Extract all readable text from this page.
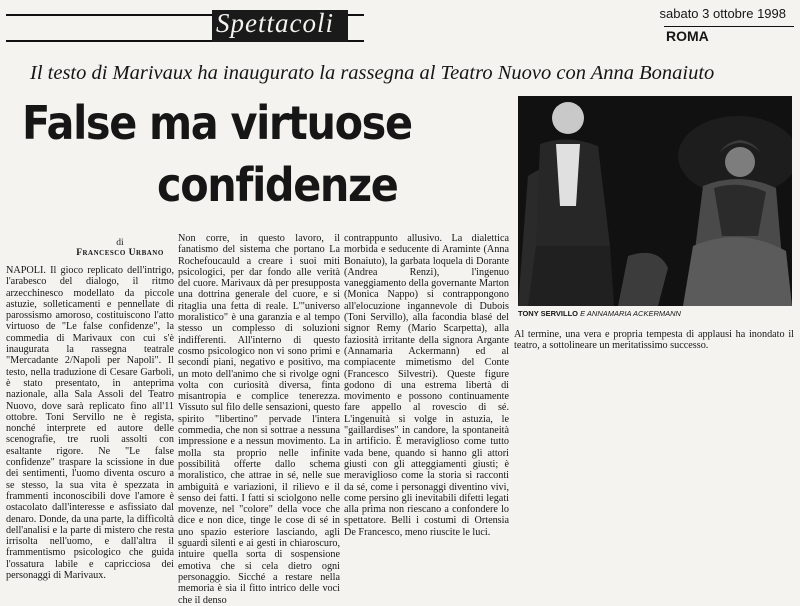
Spettacoli	sabato 3 ottobre 1998
ROMA
Il testo di Marivaux ha inaugurato la rassegna al Teatro Nuovo con Anna Bonaiuto
False ma virtuose
confidenze
di
Francesco Urbano

NAPOLI. Il gioco replicato dell'intrigo, l'arabesco del dialogo, il ritmo arzecchinesco modellato da piccole astuzie, solleticamenti e pennellate di parossismo amoroso, costituiscono l'atto virtuoso de "Le false confidenze", la commedia di Marivaux con cui s'è inaugurata la rassegna teatrale "Mercadante 2/Napoli per Napoli". Il testo, nella traduzione di Cesare Garboli, è stato presentato, in anteprima nazionale, alla Sala Assoli del Teatro Nuovo, dove sarà replicato fino all'11 ottobre. Toni Servillo ne è regista, nonché interprete ed autore delle scenografie, tre ruoli assolti con esaltante rigore. Ne "Le false confidenze" traspare la scissione in due dei sentimenti, l'uomo diventa oscuro a se stesso, la sua vita è spezzata in frammenti inconoscibili dove l'amore è ostacolato dall'interesse e asfissiato dal denaro. Donde, da una parte, la difficoltà dell'analisi e la parte di mistero che resta irrisolta nell'uomo, e dall'altra il frammentismo psicologico che guida l'ossatura labile e capricciosa dei personaggi di Marivaux.

Non corre, in questo lavoro, il fanatismo del sistema che portano La Rochefoucauld a creare i suoi miti psicologici, per dar fondo alle verità del cuore. Marivaux dà per presupposta una dottrina generale del cuore, e si ritaglia una fetta di reale. L'"universo moralistico" è una garanzia e al tempo stesso un complesso di soluzioni indifferenti. All'interno di questo cosmo psicologico non vi sono primi e secondi piani, negativo e positivo, ma un moto dell'animo che si rivolge ogni volta con curiosità diversa, finta misantropia e complice tenerezza. Vissuto sul filo delle sensazioni, questo spirito "libertino" pervade l'intera commedia, che non si sottrae a nessuna impressione e a nessun movimento. La molla sta proprio nelle infinite possibilità offerte dallo schema moralistico, che attrae in sé, nelle sue ambiguità e variazioni, il rilievo e il senso dei fatti. I fatti si sciolgono nelle movenze, nel "colore" della voce che dice e non dice, tinge le cose di sé in uno spazio esteriore lasciando, agli sguardi silenti e ai gesti in chiaroscuro, intuire quella sorta di sospensione emotiva che si cela dietro ogni personaggio. Sicché a restare nella memoria è sia il fitto intrico delle voci che il denso

contrappunto allusivo. La dialettica morbida e seducente di Araminte (Anna Bonaiuto), la garbata loquela di Dorante (Andrea Renzi), l'ingenuo vaneggiamento della governante Marton (Monica Nappo) si contrappongono all'elocuzione ingannevole di Dubois (Toni Servillo), alla facondia blasé del signor Remy (Mario Scarpetta), alla faziosità irritante della signora Argante (Annamaria Ackermann) ed al compiacente mimetismo del Conte (Francesco Silvestri). Queste figure godono di una estrema libertà di movimento e possono continuamente fare appello al rovescio di sé. L'ingenuità si volge in astuzia, le "gaillardises" in candore, la spontaneità in artificio. È meraviglioso come tutto vada bene, quando si hanno gli attori giusti con gli atteggiamenti giusti; è meraviglioso come la storia si racconti da sé, come i personaggi diventino vivi, come persino gli inevitabili difetti legati alla prima non riescano a confondere lo spettatore. Belli i costumi di Ortensia De Francesco, meno riuscite le luci.

Al termine, una vera e propria tempesta di applausi ha inondato il teatro, a sottolineare un meritatissimo successo.

TONY SERVILLO E ANNAMARIA ACKERMANN
